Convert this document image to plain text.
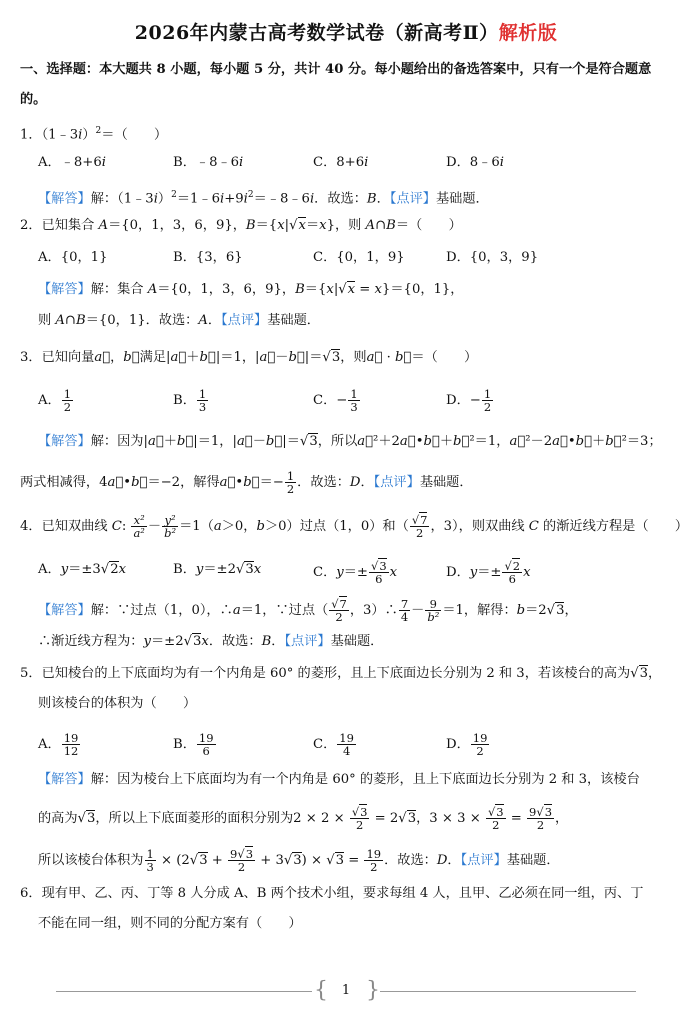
2026年内蒙古高考数学试卷（新高考Ⅱ）解析版
一、选择题：本大题共 8 小题，每小题 5 分，共计 40 分。每小题给出的备选答案中，只有一个是符合题意
的。
1．（1﹣3i）$^2$＝（　　）
A．﹣8+6i	B．﹣8﹣6i	C．8+6i	D．8﹣6i
【解答】解：$(1﹣3i)^2=1﹣6i+9i^2=﹣8﹣6i$．故选：B．【点评】基础题．
2．已知集合 A＝{0，1，3，6，9}，B＝{x|√x＝x}，则 A∩B＝（　　）
A．{0，1}	B．{3，6}	C．{0，1，9}	D．{0，3，9}
【解答】解：集合 A＝{0，1，3，6，9}，B＝{x|√x = x}＝{0，1}，
则 A∩B＝{0，1}．故选：A．【点评】基础题．
3．已知向量a⃗，b⃗满足|a⃗＋b⃗|＝1，|a⃗－b⃗|＝√3，则a⃗ · b⃗＝（　　）
A． $\frac{1}{2}$	B． $\frac{1}{3}$	C．− $\frac{1}{3}$	D．− $\frac{1}{2}$
【解答】解：因为|a⃗＋b⃗|＝1，|a⃗－b⃗|＝√3，所以a⃗²＋2a⃗•b⃗＋b⃗²＝1，a⃗²－2a⃗•b⃗＋b⃗²＝3；
两式相减得，4a⃗•b⃗＝−2，解得a⃗•b⃗＝− $\frac{1}{2}$ ．故选：D．【点评】基础题．
4．已知双曲线 C: $\frac{\text{x²}}{\text{a²}} - \frac{\text{y²}}{\text{b²}} =1(a>0$，b＞0）过点（1，0）和（ $\frac{√7}{2}$ ，3），则双曲线 C 的渐近线方程是（　　）
A．y＝±3√2x	B．y＝±2√3x	C．$y=\pm \frac{√3}{6}$ x	D．$y=\pm \frac{√2}{6}$ x
【解答】解：∵过点（1，0），∴a＝1，∵过点（ $\frac{√7}{2}$ ，3）∴ $\frac{7}{4} - \frac{9}{\text{b²}} =1$，解得：b＝2√3，
∴渐近线方程为：y＝±2√3x．故选：B．【点评】基础题．
5．已知棱台的上下底面均为有一个内角是 60° 的菱形，且上下底面边长分别为 2 和 3，若该棱台的高为√3，
则该棱台的体积为（　　）
A． $\frac{19}{12}$	B． $\frac{19}{6}$	C． $\frac{19}{4}$	D． $\frac{19}{2}$
【解答】解：因为棱台上下底面均为有一个内角是 60° 的菱形，且上下底面边长分别为 2 和 3，该棱台
的高为√3，所以上下底面菱形的面积分别为$2 \times 2 \times \frac{√3}{2} = 2√3$，$3 \times 3 \times \frac{√3}{2} = \frac{9√3}{2}$ ，
所以该棱台体积为 $\frac{1}{3} \times (2√3 + \frac{9√3}{2} + 3√3) \times √3 = \frac{19}{2}$ ．故选：D．【点评】基础题．
6．现有甲、乙、丙、丁等 8 人分成 A、B 两个技术小组，要求每组 4 人，且甲、乙必须在同一组，丙、丁
不能在同一组，则不同的分配方案有（　　）
{	1 }
